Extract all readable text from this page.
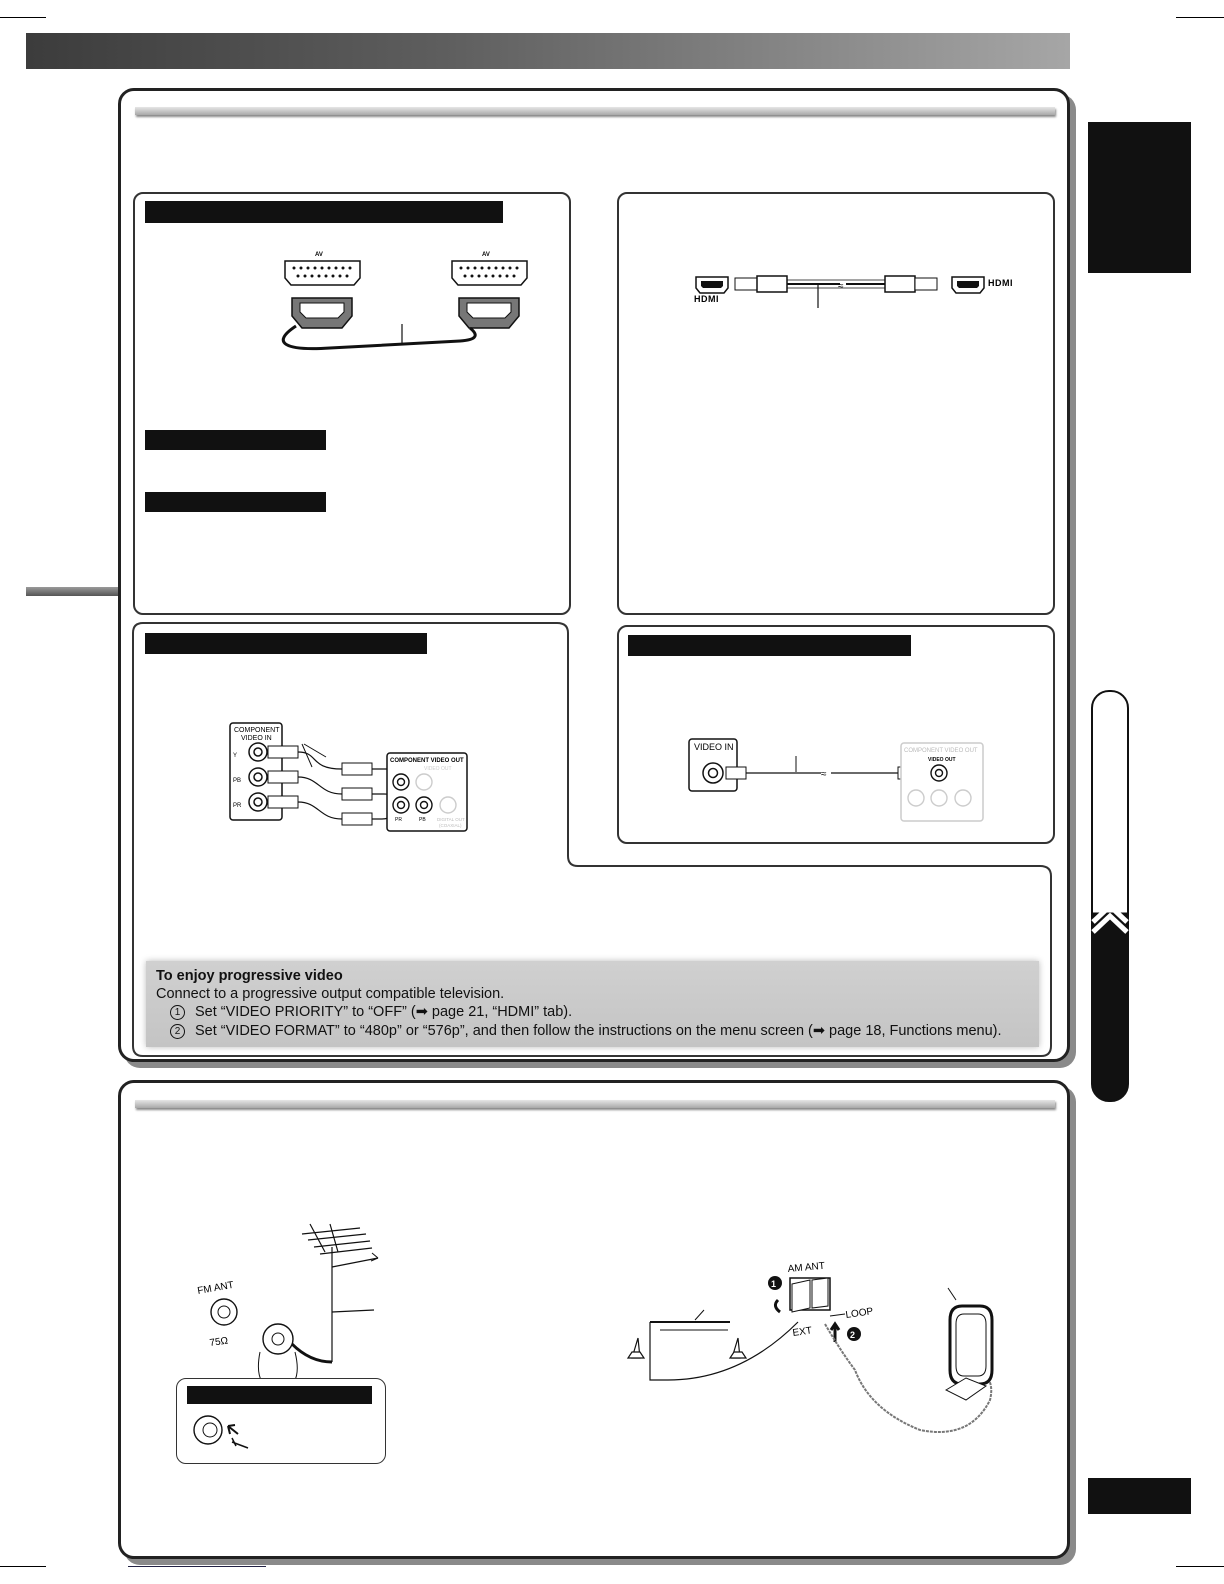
AV	AV
HDMI
≈	HDMI
COMPONENT
VIDEO IN
Y
PB
PR
COMPONENT VIDEO OUT
VIDEO OUT
PR	PB	DIGITAL OUT
(COAXIAL)
VIDEO IN
≈
COMPONENT VIDEO OUT
VIDEO OUT
To enjoy progressive video
Connect to a progressive output compatible television.
1 Set “VIDEO PRIORITY” to “OFF” (➡ page 21, “HDMI” tab).
2 Set “VIDEO FORMAT” to “480p” or “576p”, and then follow the instructions on the menu screen (➡ page 18, Functions menu).
FM ANT
75Ω
AM ANT
1
LOOP
EXT	2
